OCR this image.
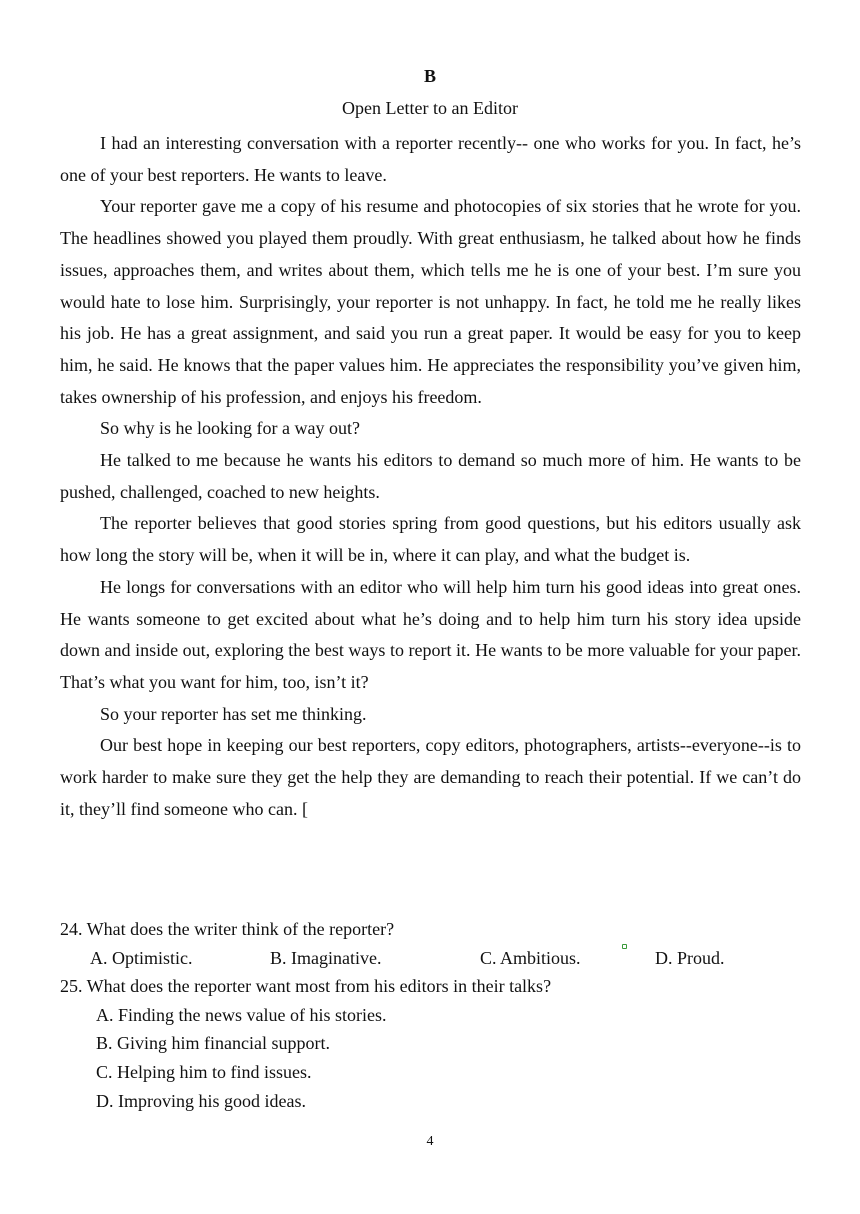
B
Open Letter to an Editor

I had an interesting conversation with a reporter recently-- one who works for you. In fact, he’s one of your best reporters. He wants to leave.

Your reporter gave me a copy of his resume and photocopies of six stories that he wrote for you. The headlines showed you played them proudly. With great enthusiasm, he talked about how he finds issues, approaches them, and writes about them, which tells me he is one of your best. I’m sure you would hate to lose him. Surprisingly, your reporter is not unhappy. In fact, he told me he really likes his job. He has a great assignment, and said you run a great paper. It would be easy for you to keep him, he said. He knows that the paper values him. He appreciates the responsibility you’ve given him, takes ownership of his profession, and enjoys his freedom.

So why is he looking for a way out?

He talked to me because he wants his editors to demand so much more of him. He wants to be pushed, challenged, coached to new heights.

The reporter believes that good stories spring from good questions, but his editors usually ask how long the story will be, when it will be in, where it can play, and what the budget is.

He longs for conversations with an editor who will help him turn his good ideas into great ones. He wants someone to get excited about what he’s doing and to help him turn his story idea upside down and inside out, exploring the best ways to report it. He wants to be more valuable for your paper. That’s what you want for him, too, isn’t it?

So your reporter has set me thinking.

Our best hope in keeping our best reporters, copy editors, photographers, artists--everyone--is to work harder to make sure they get the help they are demanding to reach their potential. If we can’t do it, they’ll find someone who can. [

24. What does the writer think of the reporter?

A. Optimistic.	B. Imaginative.	C. Ambitious.	D. Proud.

25. What does the reporter want most from his editors in their talks?

A. Finding the news value of his stories.

B. Giving him financial support.

C. Helping him to find issues.

D. Improving his good ideas.

4
